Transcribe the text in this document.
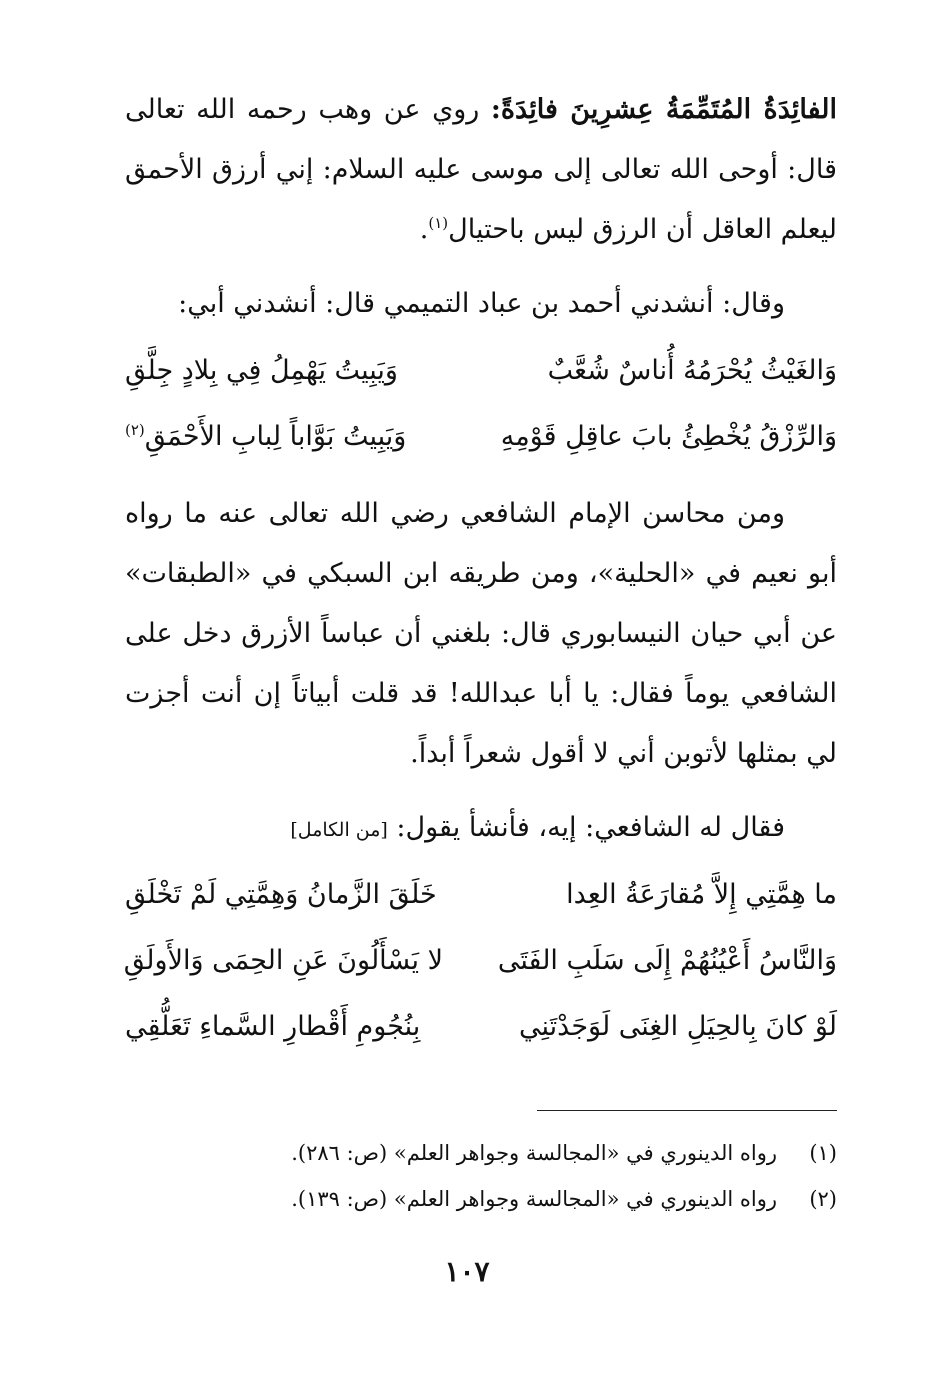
الفائِدَةُ المُتَمِّمَةُ عِشرِينَ فائِدَةً: روي عن وهب رحمه الله تعالى قال: أوحى الله تعالى إلى موسى عليه السلام: إني أرزق الأحمق ليعلم العاقل أن الرزق ليس باحتيال$^{(١)}$.

وقال: أنشدني أحمد بن عباد التميمي قال: أنشدني أبي:

وَالغَيْثُ يُحْرَمُهُ أُناسٌ شُعَّبٌ
وَيَبِيتُ يَهْمِلُ فِي بِلادٍ جِلَّقِ
وَالرِّزْقُ يُخْطِئُ بابَ عاقِلِ قَوْمِهِ
وَيَبِيتُ بَوَّاباً لِبابِ الأَحْمَقِ$^{(٢)}$

ومن محاسن الإمام الشافعي رضي الله تعالى عنه ما رواه أبو نعيم في «الحلية»، ومن طريقه ابن السبكي في «الطبقات» عن أبي حيان النيسابوري قال: بلغني أن عباساً الأزرق دخل على الشافعي يوماً فقال: يا أبا عبدالله! قد قلت أبياتاً إن أنت أجزت لي بمثلها لأتوبن أني لا أقول شعراً أبداً.

فقال له الشافعي: إيه، فأنشأ يقول: [من الكامل]

ما هِمَّتِي إِلاَّ مُقارَعَةُ العِدا
خَلَقَ الزَّمانُ وَهِمَّتِي لَمْ تَخْلَقِ
وَالنَّاسُ أَعْيُنُهُمْ إِلَى سَلَبِ الفَتَى
لا يَسْأَلُونَ عَنِ الحِمَى وَالأَولَقِ
لَوْ كانَ بِالحِيَلِ الغِنَى لَوَجَدْتَنِي
بِنُجُومِ أَقْطارِ السَّماءِ تَعَلُّقِي
(١)
رواه الدينوري في «المجالسة وجواهر العلم» (ص: ٢٨٦).
(٢)
رواه الدينوري في «المجالسة وجواهر العلم» (ص: ١٣٩).
١٠٧
